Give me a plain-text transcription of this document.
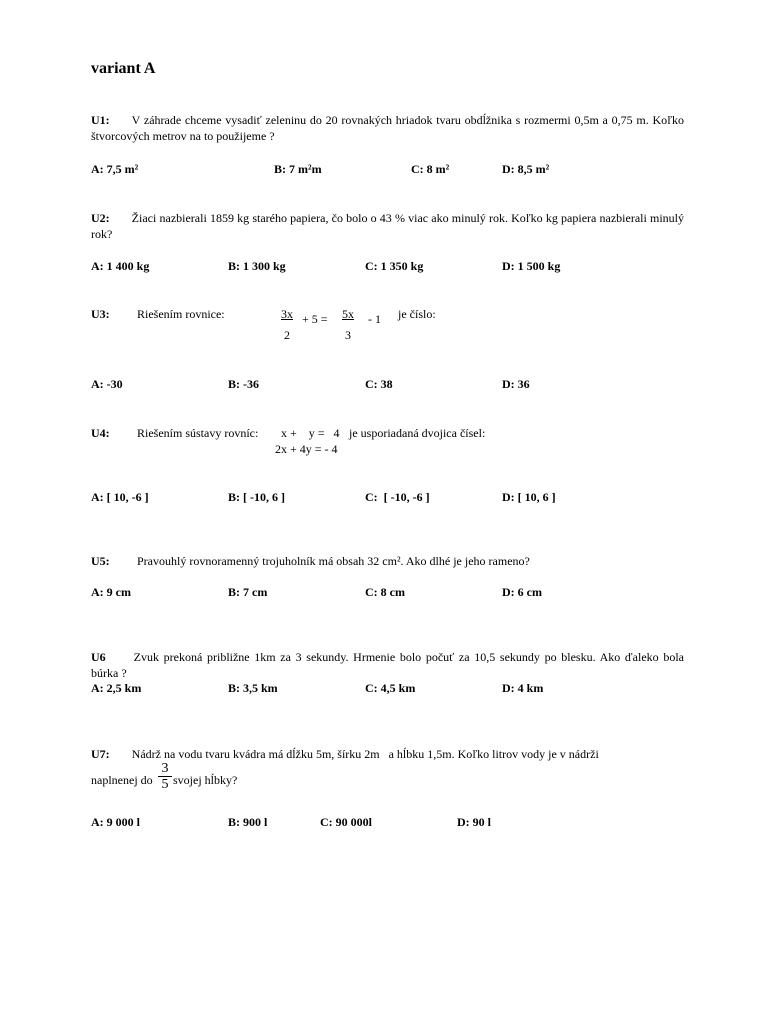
variant A
U1: V záhrade chceme vysadiť zeleninu do 20 rovnakých hriadok tvaru obdĺžnika s rozmermi 0,5m a 0,75 m. Koľko štvorcových metrov na to použijeme ?
A: 7,5 m²	B: 7 m²m	C: 8 m²	D: 8,5 m²
U2: Žiaci nazbierali 1859 kg starého papiera, čo bolo o 43 % viac ako minulý rok. Koľko kg papiera nazbierali minulý rok?
A: 1 400 kg	B: 1 300 kg	C: 1 350 kg	D: 1 500 kg
U3: Riešením rovnice:	$\frac{3x}{2} + 5 = \frac{5x}{3} - 1$ je číslo:
A: -30	B: -36	C: 38	D: 36
U4: Riešením sústavy rovníc: x +    y =   4 je usporiadaná dvojica čísel:
2x + 4y = - 4
A: [ 10, -6 ]	B: [ -10, 6 ]	C:  [ -10, -6 ]	D: [ 10, 6 ]
U5: Pravouhlý rovnoramenný trojuholník má obsah 32 cm². Ako dlhé je jeho rameno?
A: 9 cm	B: 7 cm	C: 8 cm	D: 6 cm
U6 Zvuk prekoná približne 1km za 3 sekundy. Hrmenie bolo počuť za 10,5 sekundy po blesku. Ako ďaleko bola búrka ?
A: 2,5 km	B: 3,5 km	C: 4,5 km	D: 4 km
U7: Nádrž na vodu tvaru kvádra má dĺžku 5m, šírku 2m   a hĺbku 1,5m. Koľko litrov vody je v nádrži
naplnenej do $\frac{3}{5}$ svojej hĺbky?
A: 9 000 l	B: 900 l	C: 90 000l	D: 90 l
